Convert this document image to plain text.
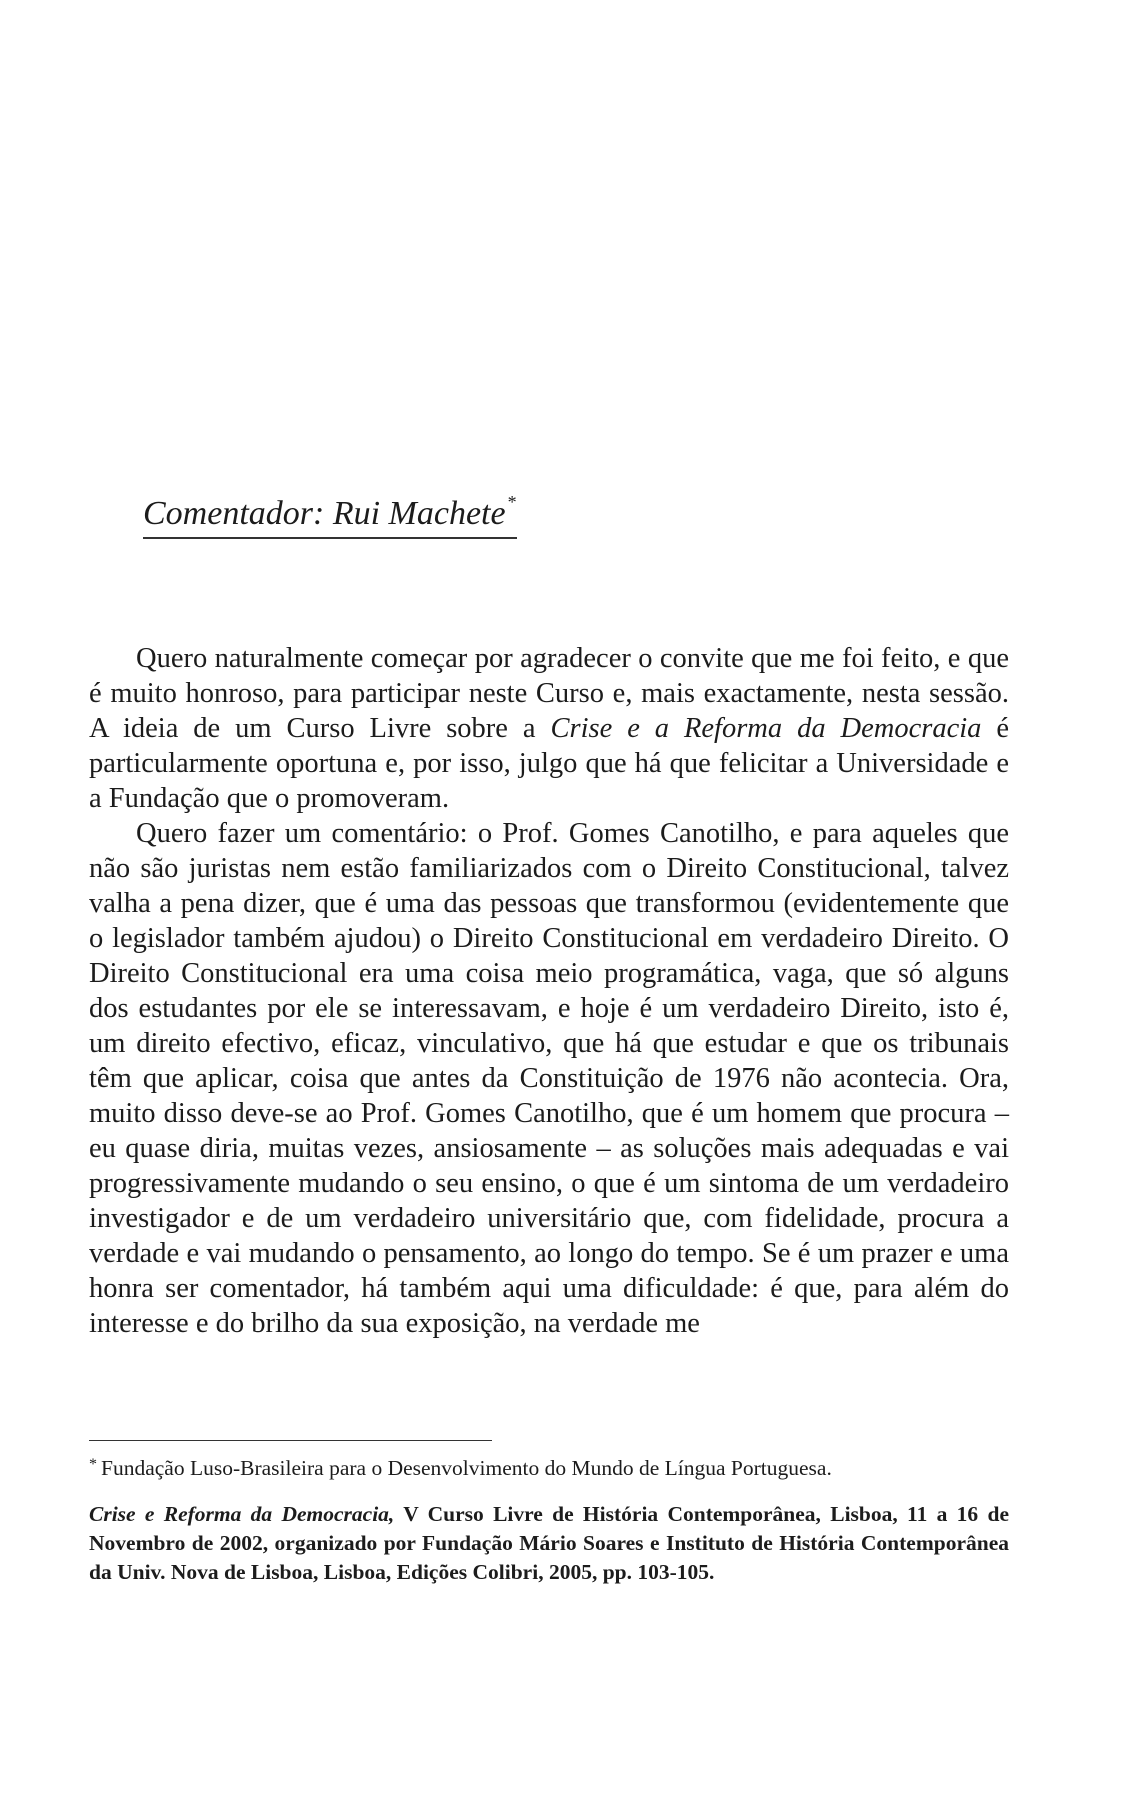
Comentador: Rui Machete *

Quero naturalmente começar por agradecer o convite que me foi feito, e que é muito honroso, para participar neste Curso e, mais exactamente, nesta sessão. A ideia de um Curso Livre sobre a Crise e a Reforma da Democracia é particularmente oportuna e, por isso, julgo que há que felicitar a Universidade e a Fundação que o promoveram.

Quero fazer um comentário: o Prof. Gomes Canotilho, e para aqueles que não são juristas nem estão familiarizados com o Direito Constitucional, talvez valha a pena dizer, que é uma das pessoas que transformou (evidentemente que o legislador também ajudou) o Direito Constitucional em verdadeiro Direito. O Direito Constitucional era uma coisa meio programática, vaga, que só alguns dos estudantes por ele se interessavam, e hoje é um verdadeiro Direito, isto é, um direito efectivo, eficaz, vinculativo, que há que estudar e que os tribunais têm que aplicar, coisa que antes da Constituição de 1976 não acontecia. Ora, muito disso deve-se ao Prof. Gomes Canotilho, que é um homem que procura – eu quase diria, muitas vezes, ansiosamente – as soluções mais adequadas e vai progressivamente mudando o seu ensino, o que é um sintoma de um verdadeiro investigador e de um verdadeiro universitário que, com fidelidade, procura a verdade e vai mudando o pensamento, ao longo do tempo. Se é um prazer e uma honra ser comentador, há também aqui uma dificuldade: é que, para além do interesse e do brilho da sua exposição, na verdade me

* Fundação Luso-Brasileira para o Desenvolvimento do Mundo de Língua Portuguesa.
Crise e Reforma da Democracia, V Curso Livre de História Contemporânea, Lisboa, 11 a 16 de Novembro de 2002, organizado por Fundação Mário Soares e Instituto de História Contemporânea da Univ. Nova de Lisboa, Lisboa, Edições Colibri, 2005, pp. 103-105.
